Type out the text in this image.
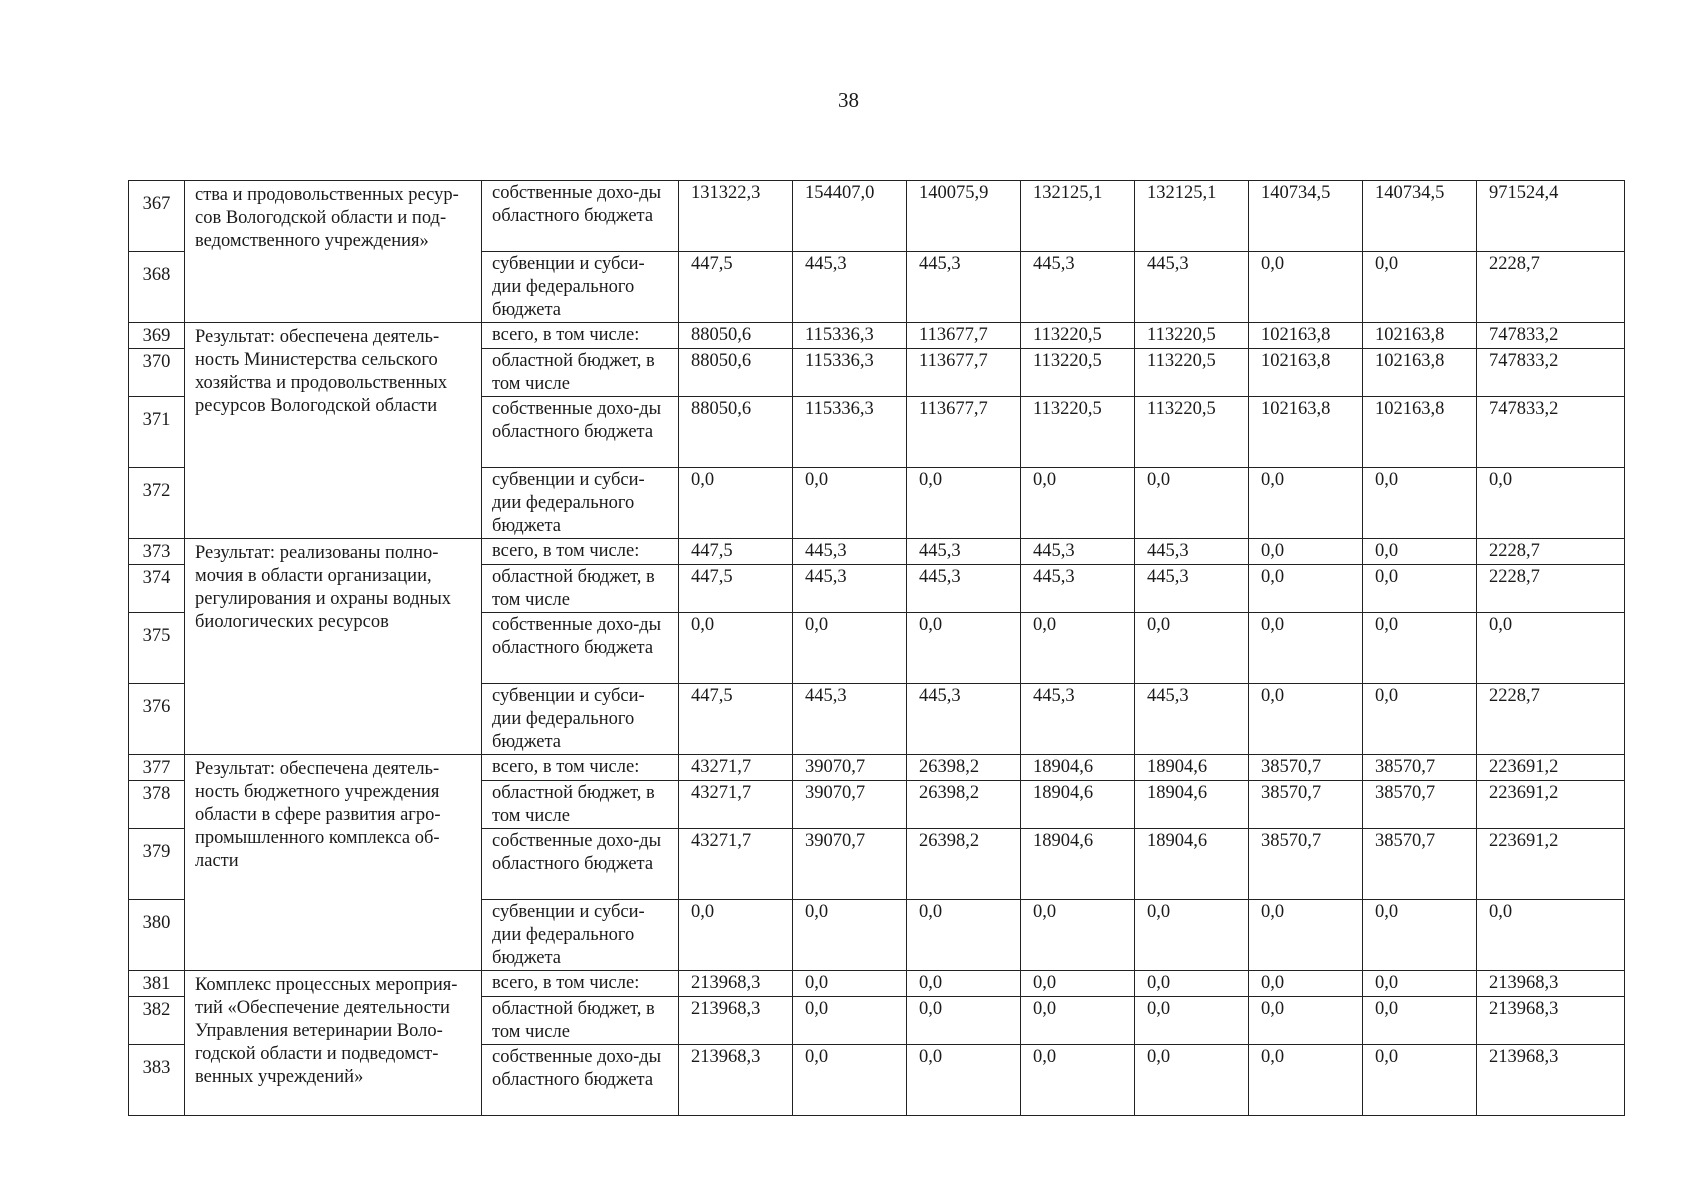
38
367	ства и продовольственных ресур-сов Вологодской области и под-ведомственного учреждения»	собственные дохо-ды областного бюджета	131322,3	154407,0	140075,9	132125,1	132125,1	140734,5	140734,5	971524,4
368		субвенции и субси-дии федерального бюджета	447,5	445,3	445,3	445,3	445,3	0,0	0,0	2228,7
369	Результат: обеспечена деятель-ность Министерства сельского хозяйства и продовольственных ресурсов Вологодской области	всего, в том числе:	88050,6	115336,3	113677,7	113220,5	113220,5	102163,8	102163,8	747833,2
370		областной бюджет, в том числе	88050,6	115336,3	113677,7	113220,5	113220,5	102163,8	102163,8	747833,2
371		собственные дохо-ды областного бюджета	88050,6	115336,3	113677,7	113220,5	113220,5	102163,8	102163,8	747833,2
372		субвенции и субси-дии федерального бюджета	0,0	0,0	0,0	0,0	0,0	0,0	0,0	0,0
373	Результат: реализованы полно-мочия в области организации, регулирования и охраны водных биологических ресурсов	всего, в том числе:	447,5	445,3	445,3	445,3	445,3	0,0	0,0	2228,7
374		областной бюджет, в том числе	447,5	445,3	445,3	445,3	445,3	0,0	0,0	2228,7
375		собственные дохо-ды областного бюджета	0,0	0,0	0,0	0,0	0,0	0,0	0,0	0,0
376		субвенции и субси-дии федерального бюджета	447,5	445,3	445,3	445,3	445,3	0,0	0,0	2228,7
377	Результат: обеспечена деятель-ность бюджетного учреждения области в сфере развития агро-промышленного комплекса об-ласти	всего, в том числе:	43271,7	39070,7	26398,2	18904,6	18904,6	38570,7	38570,7	223691,2
378		областной бюджет, в том числе	43271,7	39070,7	26398,2	18904,6	18904,6	38570,7	38570,7	223691,2
379		собственные дохо-ды областного бюджета	43271,7	39070,7	26398,2	18904,6	18904,6	38570,7	38570,7	223691,2
380		субвенции и субси-дии федерального бюджета	0,0	0,0	0,0	0,0	0,0	0,0	0,0	0,0
381	Комплекс процессных мероприя-тий «Обеспечение деятельности Управления ветеринарии Воло-годской области и подведомст-венных учреждений»	всего, в том числе:	213968,3	0,0	0,0	0,0	0,0	0,0	0,0	213968,3
382		областной бюджет, в том числе	213968,3	0,0	0,0	0,0	0,0	0,0	0,0	213968,3
383		собственные дохо-ды областного бюджета	213968,3	0,0	0,0	0,0	0,0	0,0	0,0	213968,3
